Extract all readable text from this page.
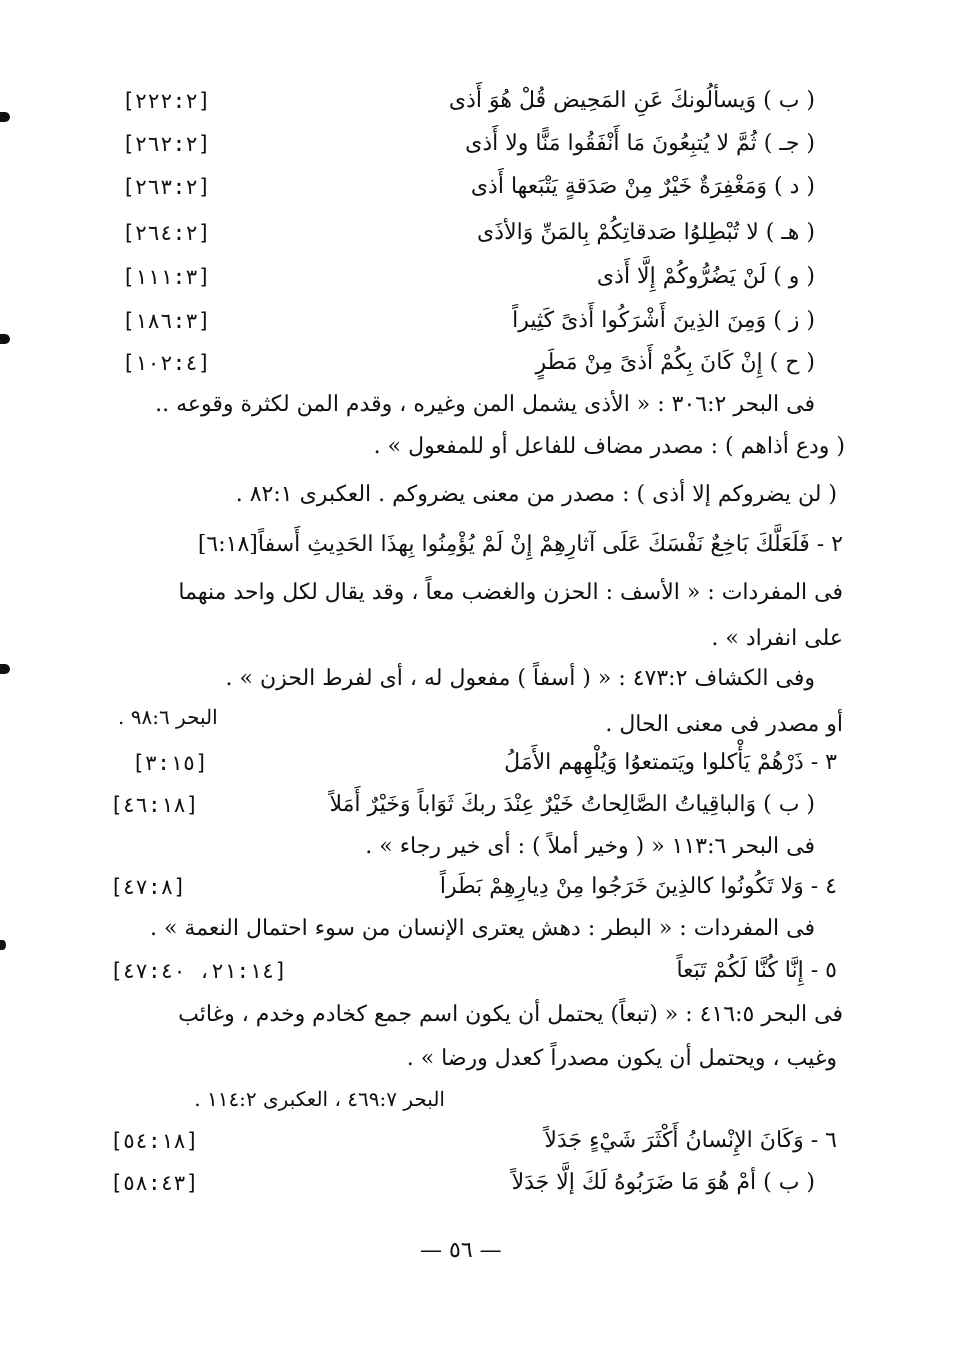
( ب ) وَيسألُونكَ عَنِ المَحِيض قُلْ هُوَ أَذى
[٢٢٢:٢]
( جـ ) ثُمَّ لا يُتبِعُونَ مَا أَنْفَقُوا مَنًّا ولا أَذى
[٢٦٢:٢]
( د ) وَمَغْفِرَةٌ خَيْرٌ مِنْ صَدَقةٍ يَتْبَعها أَذى
[٢٦٣:٢]
( هـ ) لا تُبْطِلوُا صَدقاتِكُمْ بِالمَنِّ وَالأذَى
[٢٦٤:٢]
( و ) لَنْ يَضُرُّوكُمْ إِلَّا أَذى
[١١١:٣]
( ز ) وَمِنَ الذِينَ أَشْرَكُوا أَذىً كَثِيراً
[١٨٦:٣]
( ح ) إِنْ كَانَ بِكُمْ أَذىً مِنْ مَطَرٍ
[١٠٢:٤]
فى البحر ٣٠٦:٢ : « الأذى يشمل المن وغيره ، وقدم المن لكثرة وقوعه ..
( ودع أذاهم ) : مصدر مضاف للفاعل أو للمفعول » .
( لن يضروكم إلا أذى ) : مصدر من معنى يضروكم . العكبرى ٨٢:١ .
٢ - فَلَعَلَّكَ بَاخِعٌ نَفْسَكَ عَلَى آثارِهِمْ إِنْ لَمْ يُؤْمِنُوا بِهذَا الحَدِيثِ أَسفاً[٦:١٨]
فى المفردات : « الأسف : الحزن والغضب معاً ، وقد يقال لكل واحد منهما
على انفراد » .
وفى الكشاف ٤٧٣:٢ : « ( أسفاً ) مفعول له ، أى لفرط الحزن » .
البحر ٩٨:٦ .	أو مصدر فى معنى الحال .
٣ - ذَرْهُمْ يَأْكلوا ويَتمتعوُا وَيُلْهِهم الأَمَلُ
[٣:١٥]
( ب ) وَالباقِياتُ الصَّالِحاتُ خَيْرٌ عِنْدَ ربكَ ثَوَاباً وَخَيْرٌ أَمَلاً
[٤٦:١٨]
فى البحر ١١٣:٦ « ( وخير أملاً ) : أى خير رجاء » .
٤ - وَلا تَكُونُوا كالذِينَ خَرَجُوا مِنْ دِيارِهِمْ بَطَراً
[٤٧:٨]
فى المفردات : « البطر : دهش يعترى الإنسان من سوء احتمال النعمة » .
٥ - إِنَّا كُنَّا لَكُمْ تَبَعاً
[٢١:١٤، ٤٧:٤٠]
فى البحر ٤١٦:٥ : « (تبعاً) يحتمل أن يكون اسم جمع كخادم وخدم ، وغائب
وغيب ، ويحتمل أن يكون مصدراً كعدل ورضا » .
البحر ٤٦٩:٧ ، العكبرى ١١٤:٢ .
٦ - وَكَانَ الإِنْسانُ أَكْثَرَ شَيْءٍ جَدَلاً
[٥٤:١٨]
( ب ) أمْ هُوَ مَا ضَرَبُوهُ لَكَ إلَّا جَدَلاً
[٥٨:٤٣]
— ٥٦ —
